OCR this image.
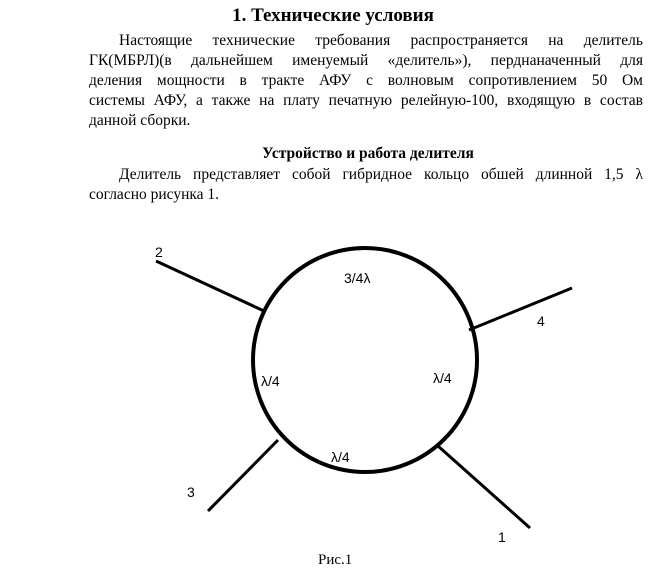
1. Технические условия
Настоящие технические требования распространяется на делитель
ГК(МБРЛ)(в дальнейшем именуемый «делитель»), перднаначенный для
деления мощности в тракте АФУ с волновым сопротивлением 50 Ом
системы АФУ, а также на плату печатную релейную-100, входящую в состав
данной сборки.
Устройство и работа делителя
Делитель представляет собой гибридное кольцо обшей длинной 1,5 λ
согласно рисунка 1.
3/4λ
λ/4	λ/4
λ/4
2
4
3
1
Рис.1
